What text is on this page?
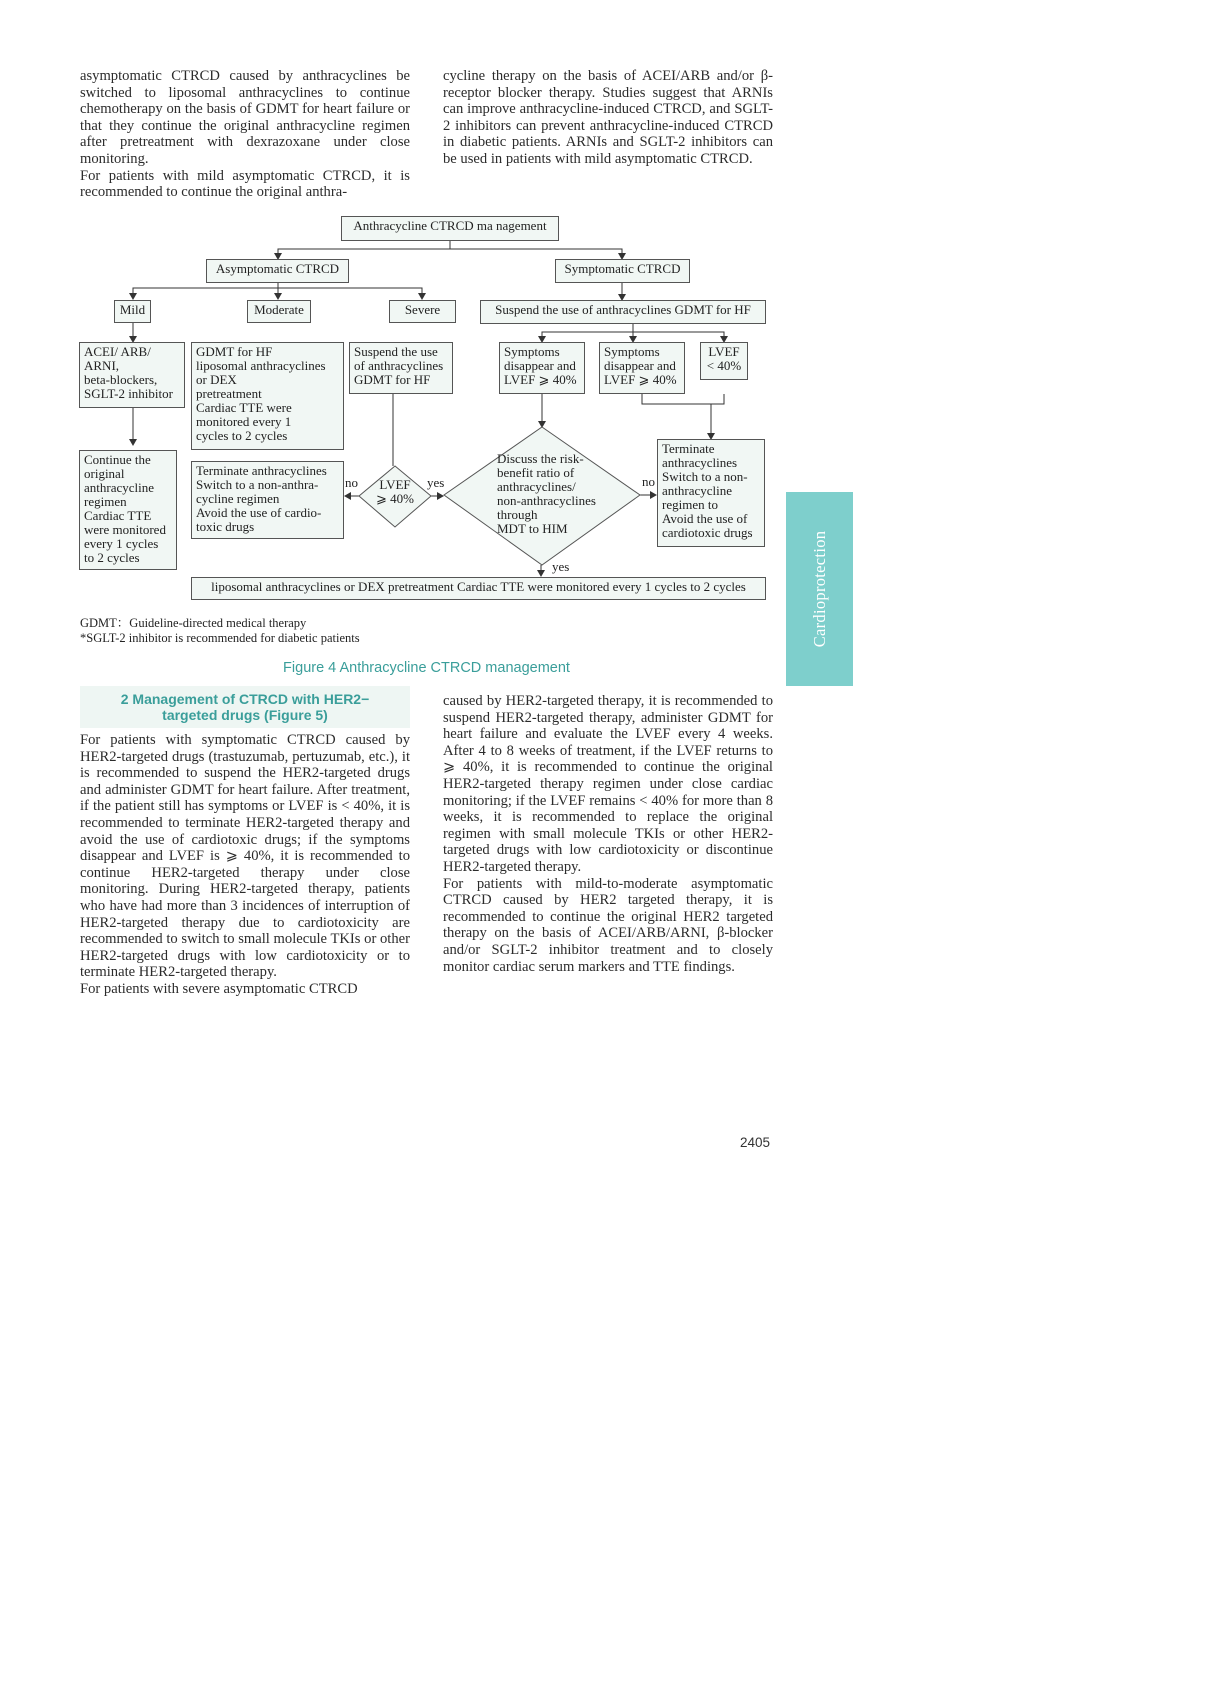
asymptomatic CTRCD caused by anthracyclines be switched to liposomal anthracyclines to continue chemotherapy on the basis of GDMT for heart failure or that they continue the original anthracycline regimen after pretreatment with dexrazoxane under close monitoring.

For patients with mild asymptomatic CTRCD, it is recommended to continue the original anthra-

cycline therapy on the basis of ACEI/ARB and/or β-receptor blocker therapy. Studies suggest that ARNIs can improve anthracycline-induced CTRCD, and SGLT-2 inhibitors can prevent anthracycline-induced CTRCD in diabetic patients. ARNIs and SGLT-2 inhibitors can be used in patients with mild asymptomatic CTRCD.

Anthracycline CTRCD ma nagement
Asymptomatic CTRCD	Symptomatic CTRCD
Mild	Moderate	Severe	Suspend the use of anthracyclines GDMT for HF
ACEI/ ARB/
ARNI,
beta-blockers,
SGLT-2 inhibitor
Continue the
original
anthracycline
regimen
Cardiac TTE
were monitored
every 1 cycles
to 2 cycles
GDMT for HF
liposomal anthracyclines
or DEX
pretreatment
Cardiac TTE were
monitored every 1
cycles to 2 cycles
Suspend the use
of anthracyclines
GDMT for HF
Symptoms
disappear and
LVEF ⩾ 40%
Symptoms
disappear and
LVEF ⩾ 40%
LVEF
< 40%
Terminate anthracyclines
Switch to a non-anthra-
cycline regimen
Avoid the use of cardio-
toxic drugs
LVEF
⩾ 40%
Discuss the risk-
benefit ratio of
anthracyclines/
non-anthracyclines
through
MDT to HIM
Terminate
anthracyclines
Switch to a non-
anthracycline
regimen to
Avoid the use of
cardiotoxic drugs
no	yes	no
yes
liposomal anthracyclines or DEX pretreatment Cardiac TTE were monitored every 1 cycles to 2 cycles
GDMT：Guideline-directed medical therapy
*SGLT-2 inhibitor is recommended for diabetic patients
Figure 4 Anthracycline CTRCD management
2 Management of CTRCD with HER2−
targeted drugs (Figure 5)

For patients with symptomatic CTRCD caused by HER2-targeted drugs (trastuzumab, pertuzumab, etc.), it is recommended to suspend the HER2-targeted drugs and administer GDMT for heart failure. After treatment, if the patient still has symptoms or LVEF is < 40%, it is recommended to terminate HER2-targeted therapy and avoid the use of cardiotoxic drugs; if the symptoms disappear and LVEF is ⩾ 40%, it is recommended to continue HER2-targeted therapy under close monitoring. During HER2-targeted therapy, patients who have had more than 3 incidences of interruption of HER2-targeted therapy due to cardiotoxicity are recommended to switch to small molecule TKIs or other HER2-targeted drugs with low cardiotoxicity or to terminate HER2-targeted therapy.

For patients with severe asymptomatic CTRCD

caused by HER2-targeted therapy, it is recommended to suspend HER2-targeted therapy, administer GDMT for heart failure and evaluate the LVEF every 4 weeks. After 4 to 8 weeks of treatment, if the LVEF returns to ⩾ 40%, it is recommended to continue the original HER2-targeted therapy regimen under close cardiac monitoring; if the LVEF remains < 40% for more than 8 weeks, it is recommended to replace the original regimen with small molecule TKIs or other HER2-targeted drugs with low cardiotoxicity or discontinue HER2-targeted therapy.

For patients with mild-to-moderate asymptomatic CTRCD caused by HER2 targeted therapy, it is recommended to continue the original HER2 targeted therapy on the basis of ACEI/ARB/ARNI, β-blocker and/or SGLT-2 inhibitor treatment and to closely monitor cardiac serum markers and TTE findings.

Cardioprotection
2405
